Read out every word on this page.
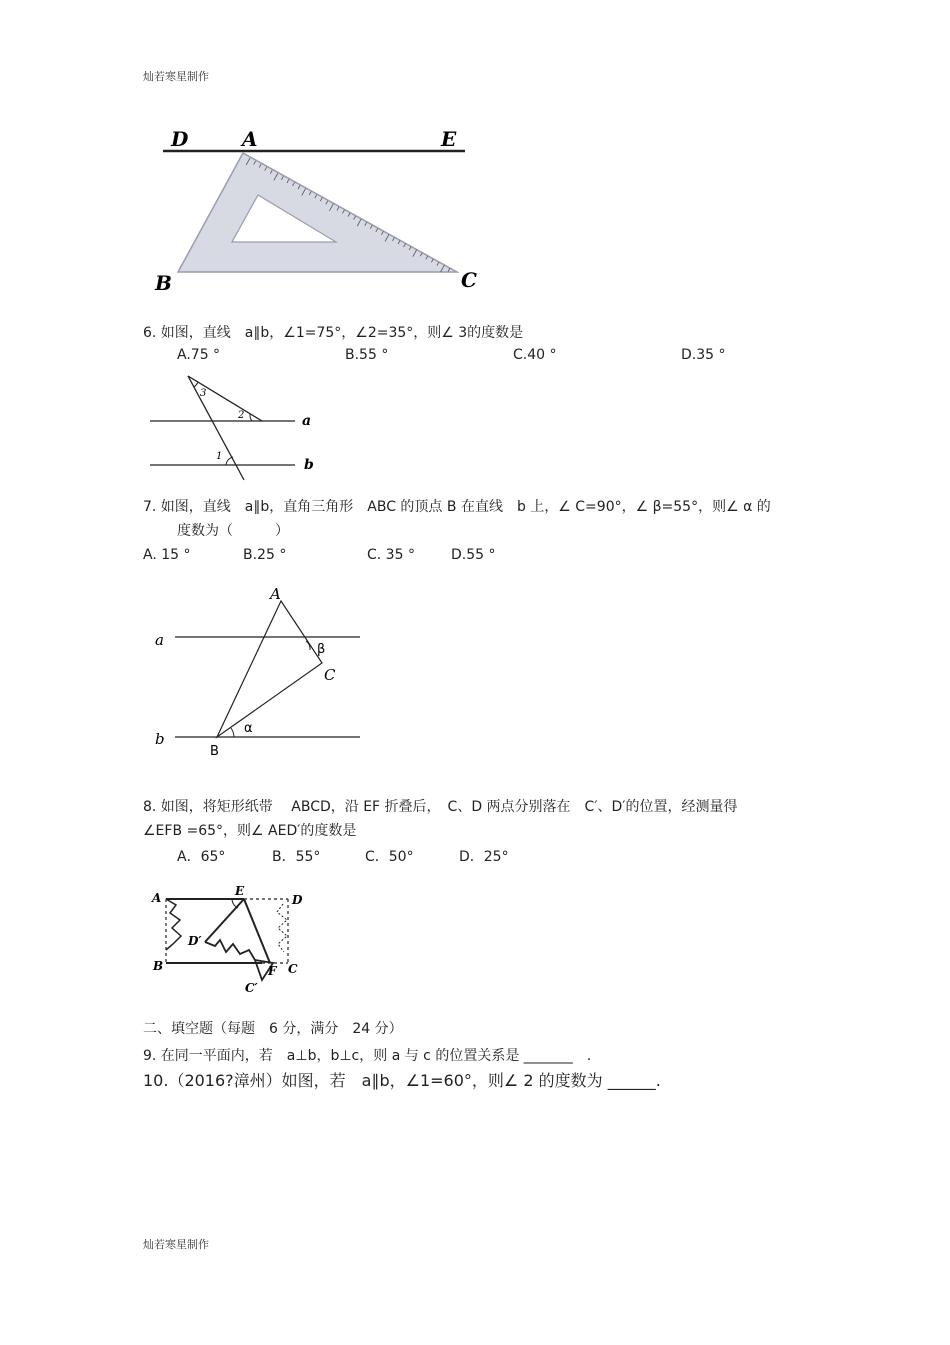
灿若寒星制作
D	A	E
B	C
6. 如图，直线　a∥b，∠1=75°，∠2=35°，则∠ 3的度数是
A.75 °	B.55 °	C.40 °	D.35 °
3
2
1
a
b
7. 如图，直线　a∥b，直角三角形　ABC 的顶点 B 在直线　b 上，∠ C=90°，∠ β=55°，则∠ α 的
度数为（　　　）
A. 15 °	B.25 °	C. 35 °	D.55 °
A
B
C
a
b
β
α
8. 如图，将矩形纸带　 ABCD，沿 EF 折叠后，　C、D 两点分别落在　C′、D′的位置，经测量得
∠EFB =65°，则∠ AED′的度数是
A．65°	B．55°	C．50°	D．25°
A	E
D
D′
B	F C
C′
二、填空题（每题　6 分，满分　24 分）
9. 在同一平面内，若　a⊥b，b⊥c，则 a 与 c 的位置关系是 _______　.
10.（2016?漳州）如图，若　a∥b，∠1=60°，则∠ 2 的度数为 ______.
灿若寒星制作
